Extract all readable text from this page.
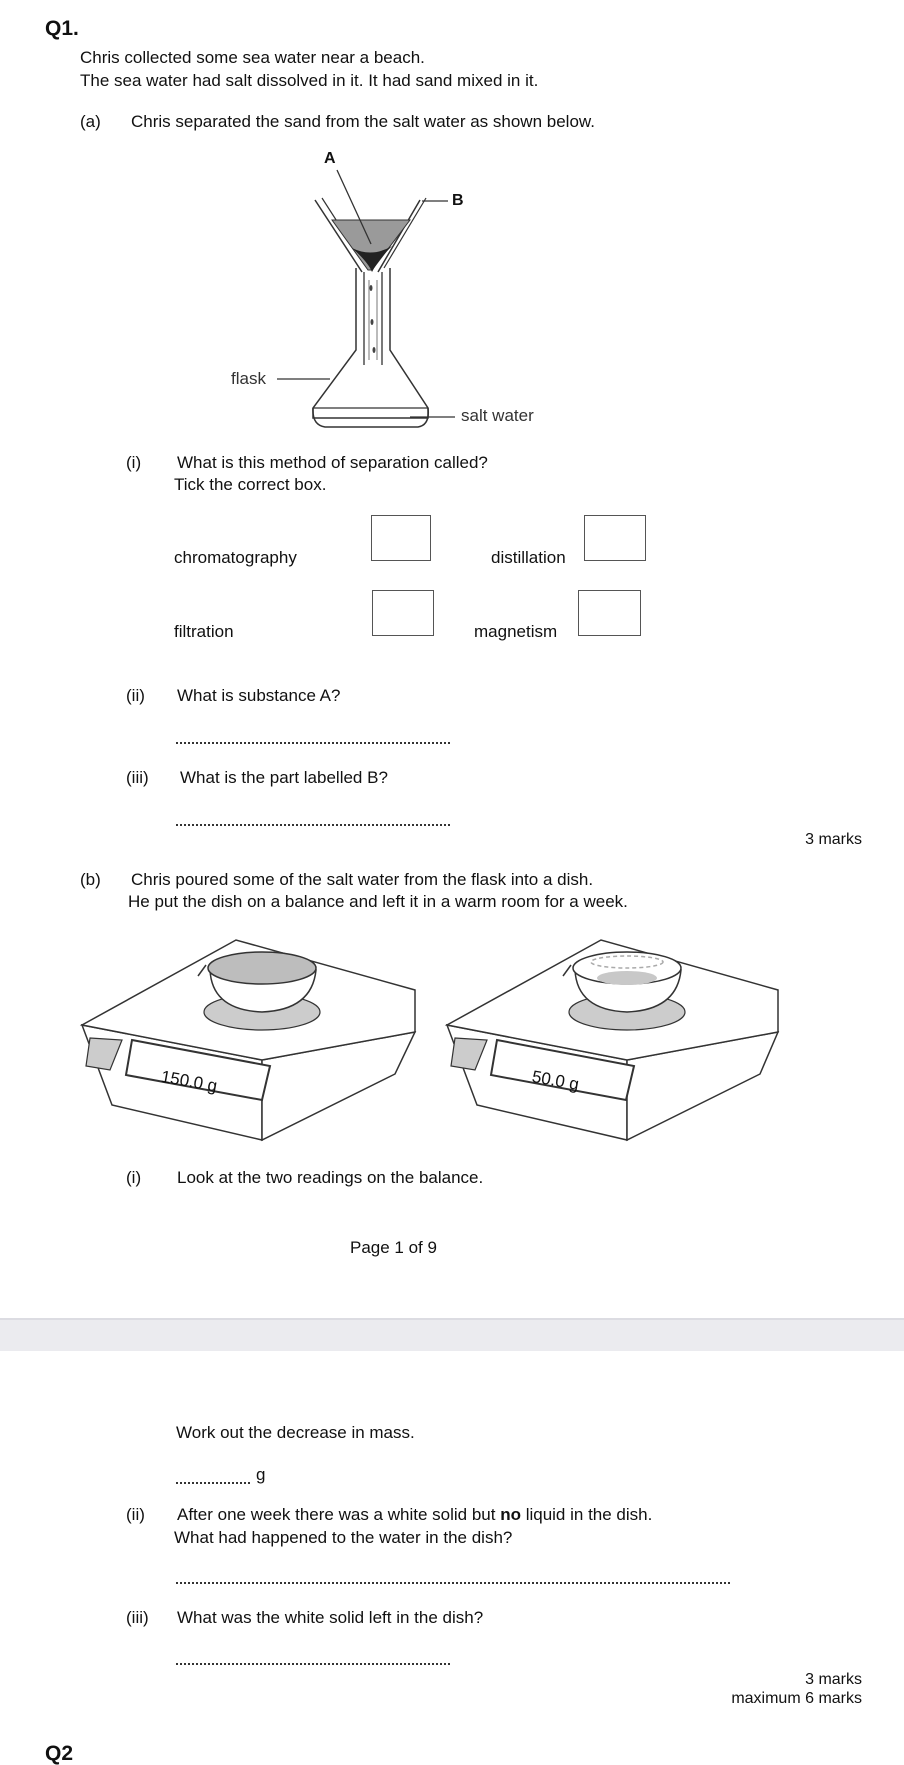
Q1.
Chris collected some sea water near a beach.
The sea water had salt dissolved in it. It had sand mixed in it.
(a) Chris separated the sand from the salt water as shown below.
A
B
flask
salt water
(i) What is this method of separation called?
Tick the correct box.
chromatography	distillation
filtration	magnetism
(ii) What is substance A?
(iii) What is the part labelled B?
3 marks
(b) Chris poured some of the salt water from the flask into a dish.
He put the dish on a balance and left it in a warm room for a week.
150.0 g	50.0 g
(i) Look at the two readings on the balance.
Page 1 of 9
Work out the decrease in mass.
g
(ii) After one week there was a white solid but no liquid in the dish.
What had happened to the water in the dish?
(iii) What was the white solid left in the dish?
3 marks
maximum 6 marks
Q2
